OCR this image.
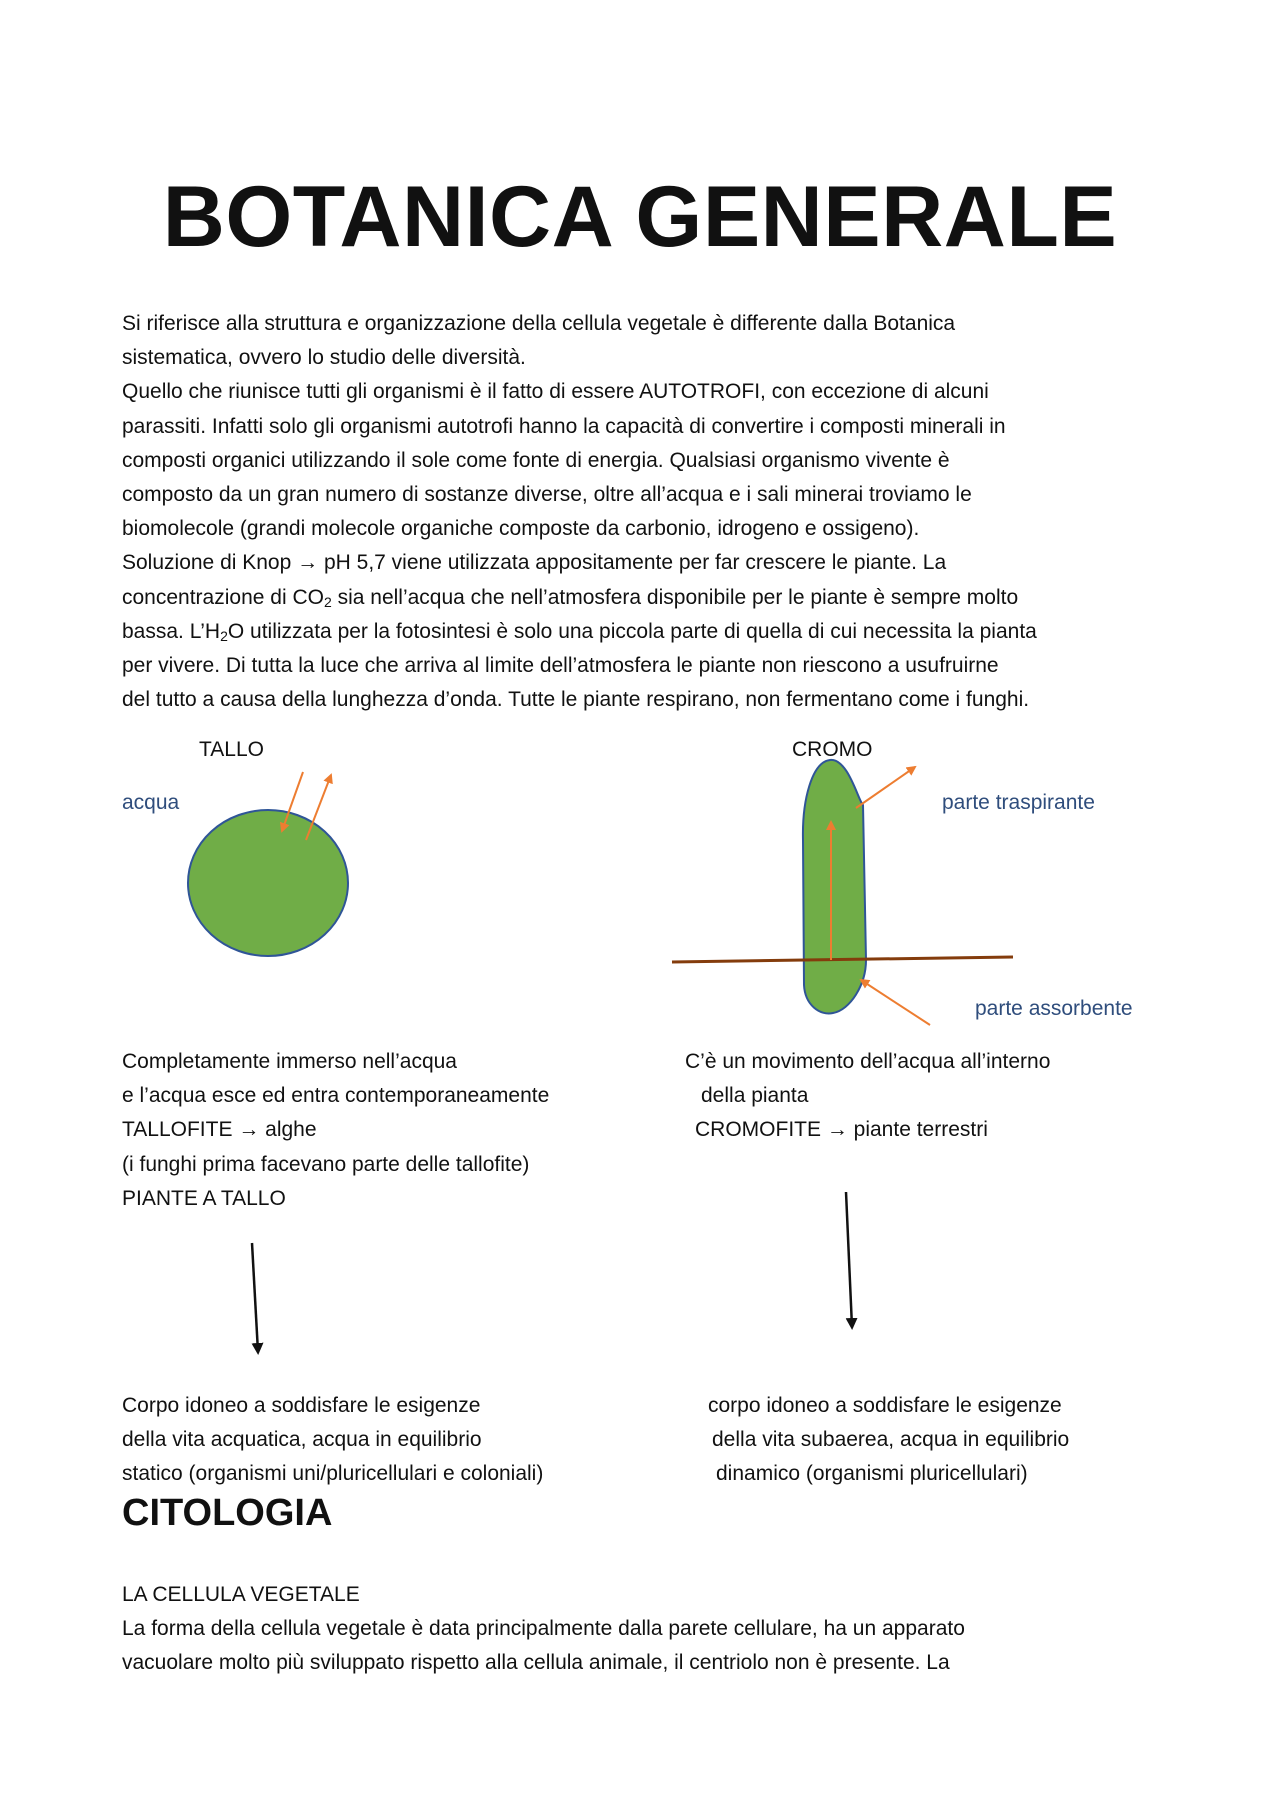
BOTANICA GENERALE
Si riferisce alla struttura e organizzazione della cellula vegetale è differente dalla Botanica
sistematica, ovvero lo studio delle diversità.
Quello che riunisce tutti gli organismi è il fatto di essere AUTOTROFI, con eccezione di alcuni
parassiti. Infatti solo gli organismi autotrofi hanno la capacità di convertire i composti minerali in
composti organici utilizzando il sole come fonte di energia. Qualsiasi organismo vivente è
composto da un gran numero di sostanze diverse, oltre all’acqua e i sali minerai troviamo le
biomolecole (grandi molecole organiche composte da carbonio, idrogeno e ossigeno).
Soluzione di Knop → pH 5,7 viene utilizzata appositamente per far crescere le piante. La
concentrazione di $CO_2$ sia nell’acqua che nell’atmosfera disponibile per le piante è sempre molto
bassa. $L’H_2O$ utilizzata per la fotosintesi è solo una piccola parte di quella di cui necessita la pianta
per vivere. Di tutta la luce che arriva al limite dell’atmosfera le piante non riescono a usufruirne
del tutto a causa della lunghezza d’onda. Tutte le piante respirano, non fermentano come i funghi.
TALLO
acqua
CROMO
parte traspirante
parte assorbente
Completamente immerso nell’acqua
e l’acqua esce ed entra contemporaneamente
TALLOFITE → alghe
(i funghi prima facevano parte delle tallofite)
PIANTE A TALLO
C’è un movimento dell’acqua all’interno
della pianta
CROMOFITE → piante terrestri
Corpo idoneo a soddisfare le esigenze
della vita acquatica, acqua in equilibrio
statico (organismi uni/pluricellulari e coloniali)
corpo idoneo a soddisfare le esigenze
della vita subaerea, acqua in equilibrio
dinamico (organismi pluricellulari)
CITOLOGIA
LA CELLULA VEGETALE
La forma della cellula vegetale è data principalmente dalla parete cellulare, ha un apparato
vacuolare molto più sviluppato rispetto alla cellula animale, il centriolo non è presente. La
